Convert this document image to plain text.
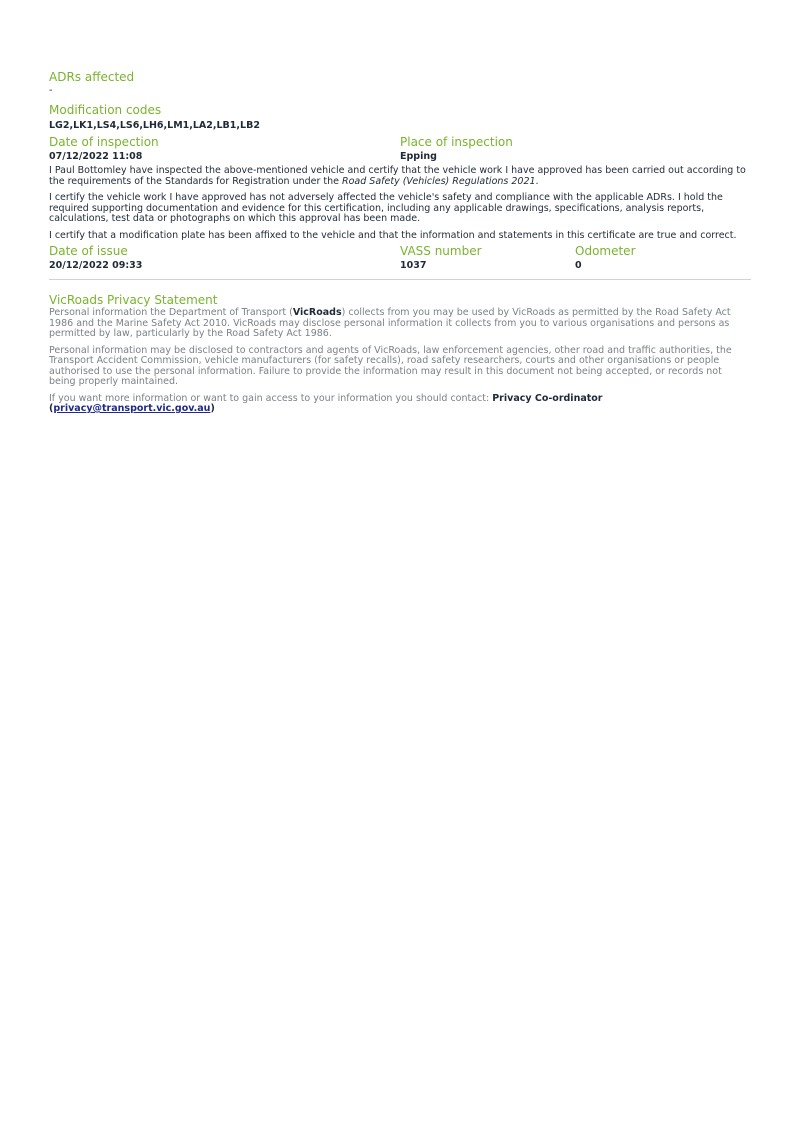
ADRs affected
-
Modification codes
LG2,LK1,LS4,LS6,LH6,LM1,LA2,LB1,LB2
Date of inspection
07/12/2022 11:08
Place of inspection
Epping

I Paul Bottomley have inspected the above-mentioned vehicle and certify that the vehicle work I have approved has been carried out according to the requirements of the Standards for Registration under the Road Safety (Vehicles) Regulations 2021.

I certify the vehicle work I have approved has not adversely affected the vehicle's safety and compliance with the applicable ADRs. I hold the required supporting documentation and evidence for this certification, including any applicable drawings, specifications, analysis reports, calculations, test data or photographs on which this approval has been made.

I certify that a modification plate has been affixed to the vehicle and that the information and statements in this certificate are true and correct.

Date of issue
20/12/2022 09:33
VASS number
1037
Odometer
0
VicRoads Privacy Statement

Personal information the Department of Transport (VicRoads) collects from you may be used by VicRoads as permitted by the Road Safety Act 1986 and the Marine Safety Act 2010. VicRoads may disclose personal information it collects from you to various organisations and persons as permitted by law, particularly by the Road Safety Act 1986.

Personal information may be disclosed to contractors and agents of VicRoads, law enforcement agencies, other road and traffic authorities, the Transport Accident Commission, vehicle manufacturers (for safety recalls), road safety researchers, courts and other organisations or people authorised to use the personal information. Failure to provide the information may result in this document not being accepted, or records not being properly maintained.

If you want more information or want to gain access to your information you should contact: Privacy Co-ordinator
(privacy@transport.vic.gov.au)
